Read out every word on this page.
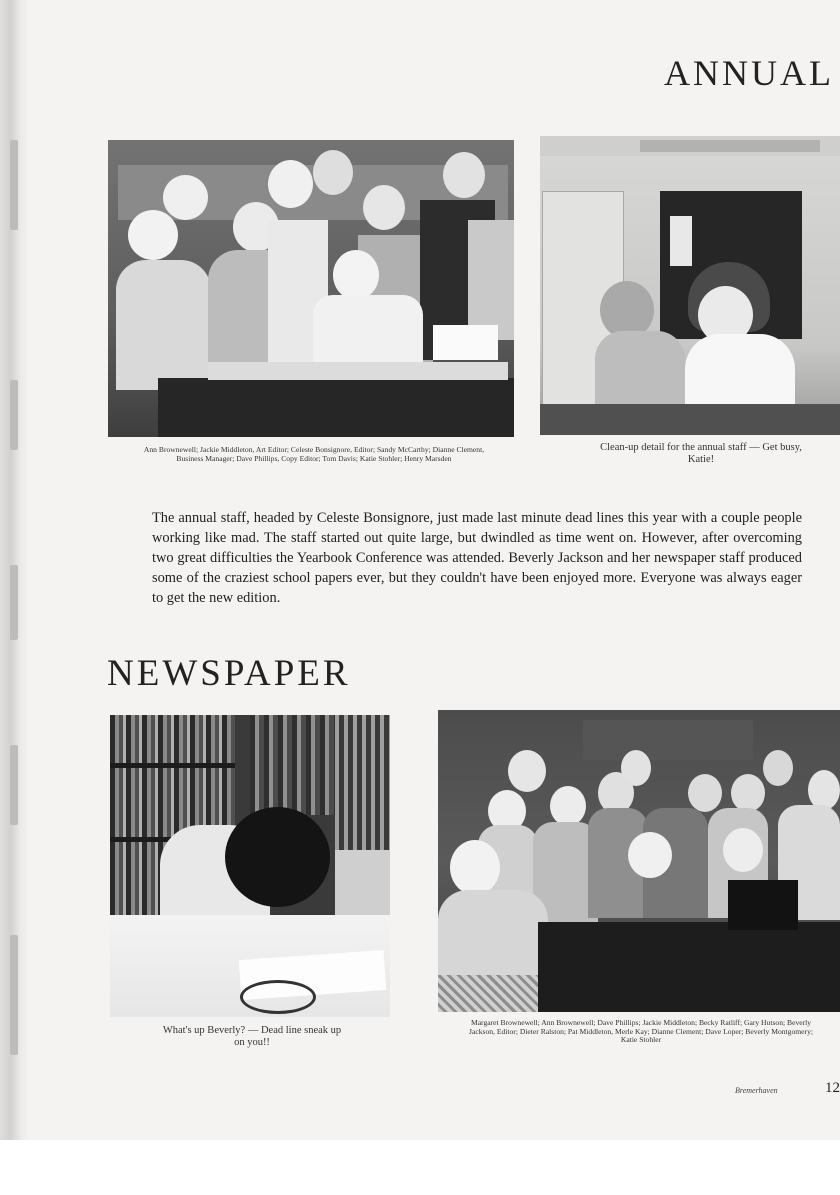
ANNUAL

Ann Brownewell; Jackie Middleton, Art Editor; Celeste Bonsignore, Editor; Sandy McCarthy; Dianne Clement, Business Manager; Dave Phillips, Copy Editor; Tom Davis; Katie Stohler; Henry Marsden

Clean-up detail for the annual staff — Get busy, Katie!

The annual staff, headed by Celeste Bonsignore, just made last minute dead lines this year with a couple people working like mad. The staff started out quite large, but dwindled as time went on. However, after overcoming two great difficulties the Yearbook Conference was attended. Beverly Jackson and her newspaper staff produced some of the craziest school papers ever, but they couldn't have been enjoyed more. Everyone was always eager to get the new edition.

NEWSPAPER

What's up Beverly? — Dead line sneak up on you!!

Margaret Brownewell; Ann Brownewell; Dave Phillips; Jackie Middleton; Becky Ratliff; Gary Hutson; Beverly Jackson, Editor; Dieter Ralston; Pat Middleton, Merle Kay; Dianne Clement; Dave Loper; Beverly Montgomery; Katie Stohler

Bremerhaven	12
